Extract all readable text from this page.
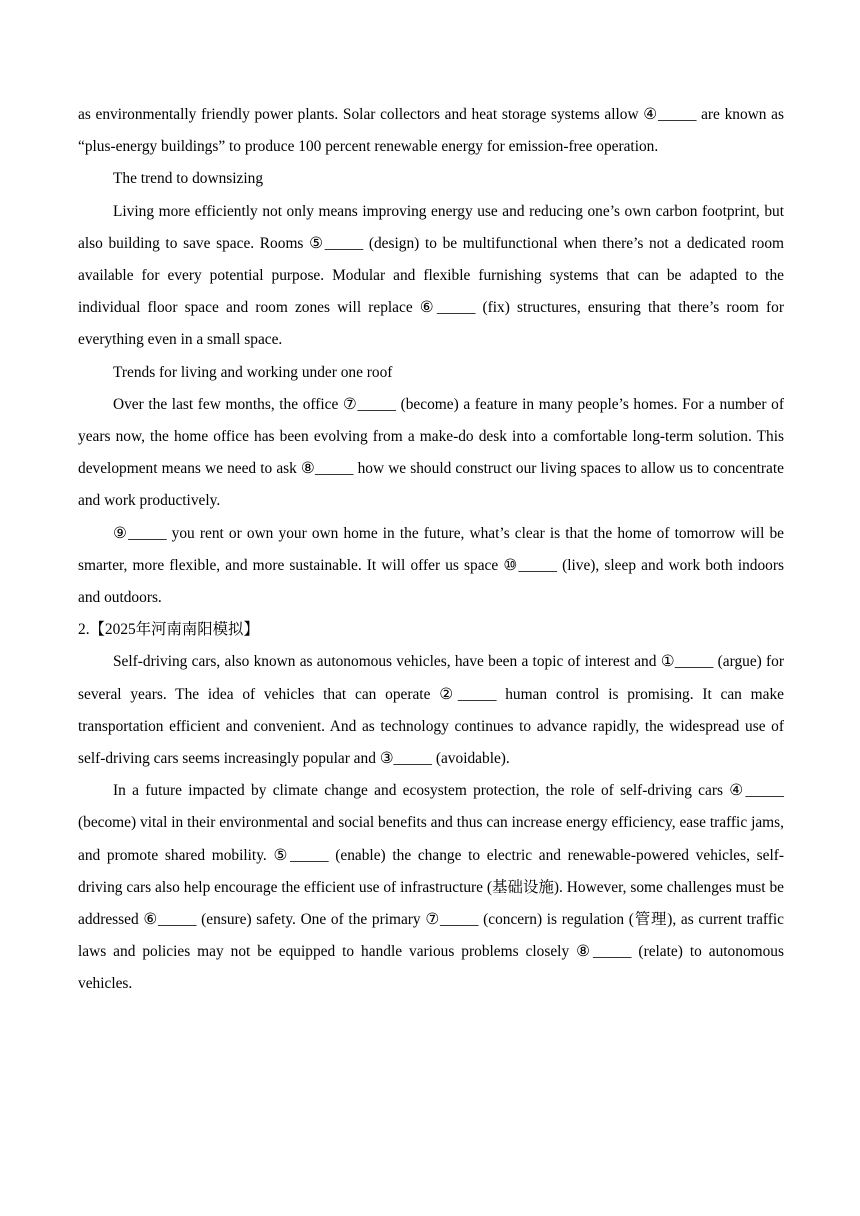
as environmentally friendly power plants. Solar collectors and heat storage systems allow ④_____ are known as “plus-energy buildings” to produce 100 percent renewable energy for emission-free operation.

The trend to downsizing

Living more efficiently not only means improving energy use and reducing one’s own carbon footprint, but also building to save space. Rooms ⑤_____ (design) to be multifunctional when there’s not a dedicated room available for every potential purpose. Modular and flexible furnishing systems that can be adapted to the individual floor space and room zones will replace ⑥_____ (fix) structures, ensuring that there’s room for everything even in a small space.

Trends for living and working under one roof

Over the last few months, the office ⑦_____ (become) a feature in many people’s homes. For a number of years now, the home office has been evolving from a make-do desk into a comfortable long-term solution. This development means we need to ask ⑧_____ how we should construct our living spaces to allow us to concentrate and work productively.

⑨_____ you rent or own your own home in the future, what’s clear is that the home of tomorrow will be smarter, more flexible, and more sustainable. It will offer us space ⑩_____ (live), sleep and work both indoors and outdoors.

2.【2025年河南南阳模拟】

Self-driving cars, also known as autonomous vehicles, have been a topic of interest and ①_____ (argue) for several years. The idea of vehicles that can operate ②_____ human control is promising. It can make transportation efficient and convenient. And as technology continues to advance rapidly, the widespread use of self-driving cars seems increasingly popular and ③_____ (avoidable).

In a future impacted by climate change and ecosystem protection, the role of self-driving cars ④_____ (become) vital in their environmental and social benefits and thus can increase energy efficiency, ease traffic jams, and promote shared mobility. ⑤_____ (enable) the change to electric and renewable-powered vehicles, self-driving cars also help encourage the efficient use of infrastructure (基础设施). However, some challenges must be addressed ⑥_____ (ensure) safety. One of the primary ⑦_____ (concern) is regulation (管理), as current traffic laws and policies may not be equipped to handle various problems closely ⑧_____ (relate) to autonomous vehicles.
